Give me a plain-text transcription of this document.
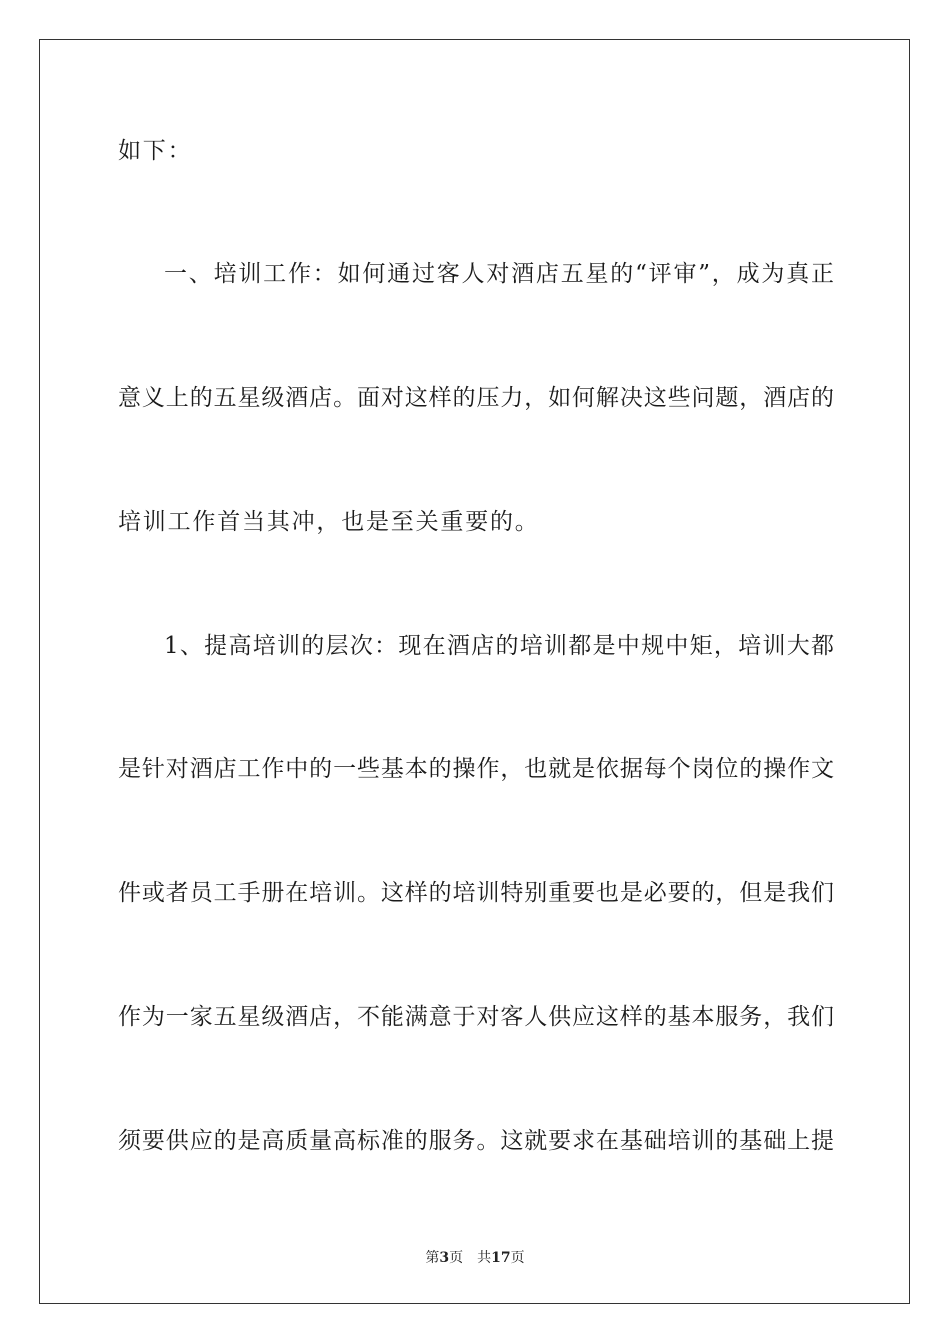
如下：
一、培训工作：如何通过客人对酒店五星的“评审”，成为真正
意义上的五星级酒店。面对这样的压力，如何解决这些问题，酒店的
培训工作首当其冲，也是至关重要的。
1、提高培训的层次：现在酒店的培训都是中规中矩，培训大都
是针对酒店工作中的一些基本的操作，也就是依据每个岗位的操作文
件或者员工手册在培训。这样的培训特别重要也是必要的，但是我们
作为一家五星级酒店，不能满意于对客人供应这样的基本服务，我们
须要供应的是高质量高标准的服务。这就要求在基础培训的基础上提
第3页 共17页
